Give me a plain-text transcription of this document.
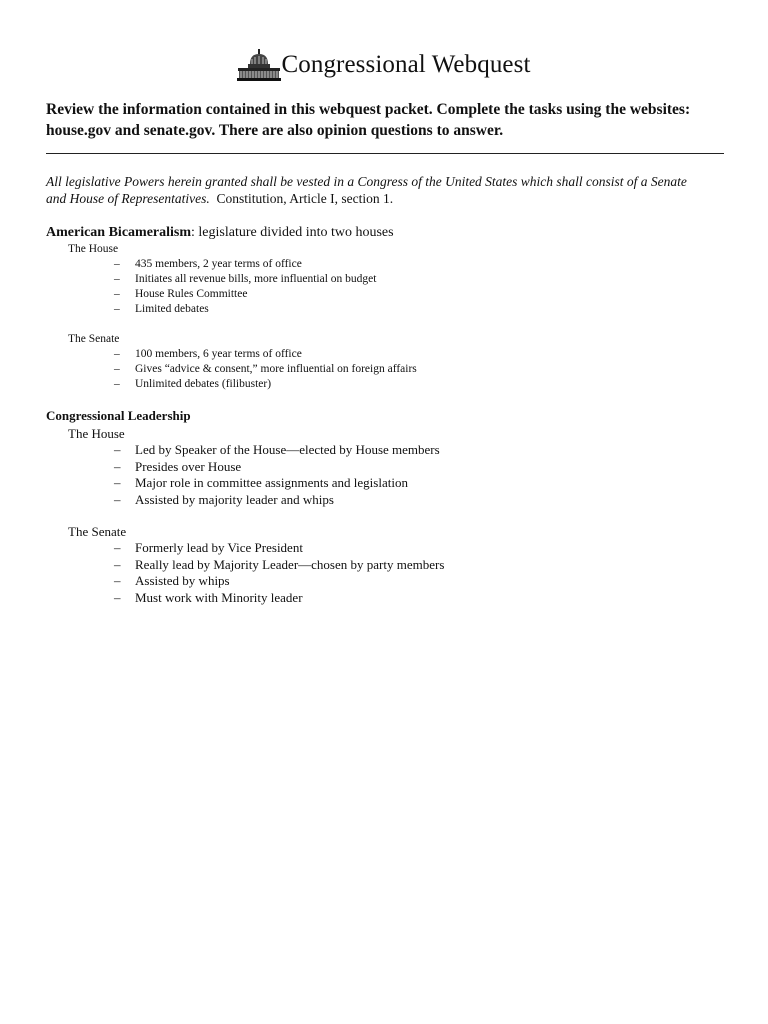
Congressional Webquest
Review the information contained in this webquest packet. Complete the tasks using the websites:
house.gov and senate.gov. There are also opinion questions to answer.
All legislative Powers herein granted shall be vested in a Congress of the United States which shall consist of a Senate
and House of Representatives. Constitution, Article I, section 1.
American Bicameralism: legislature divided into two houses
The House
– 435 members, 2 year terms of office
– Initiates all revenue bills, more influential on budget
– House Rules Committee
– Limited debates
The Senate
– 100 members, 6 year terms of office
– Gives “advice & consent,” more influential on foreign affairs
– Unlimited debates (filibuster)
Congressional Leadership
The House
– Led by Speaker of the House—elected by House members
– Presides over House
– Major role in committee assignments and legislation
– Assisted by majority leader and whips
The Senate
– Formerly lead by Vice President
– Really lead by Majority Leader—chosen by party members
– Assisted by whips
– Must work with Minority leader
